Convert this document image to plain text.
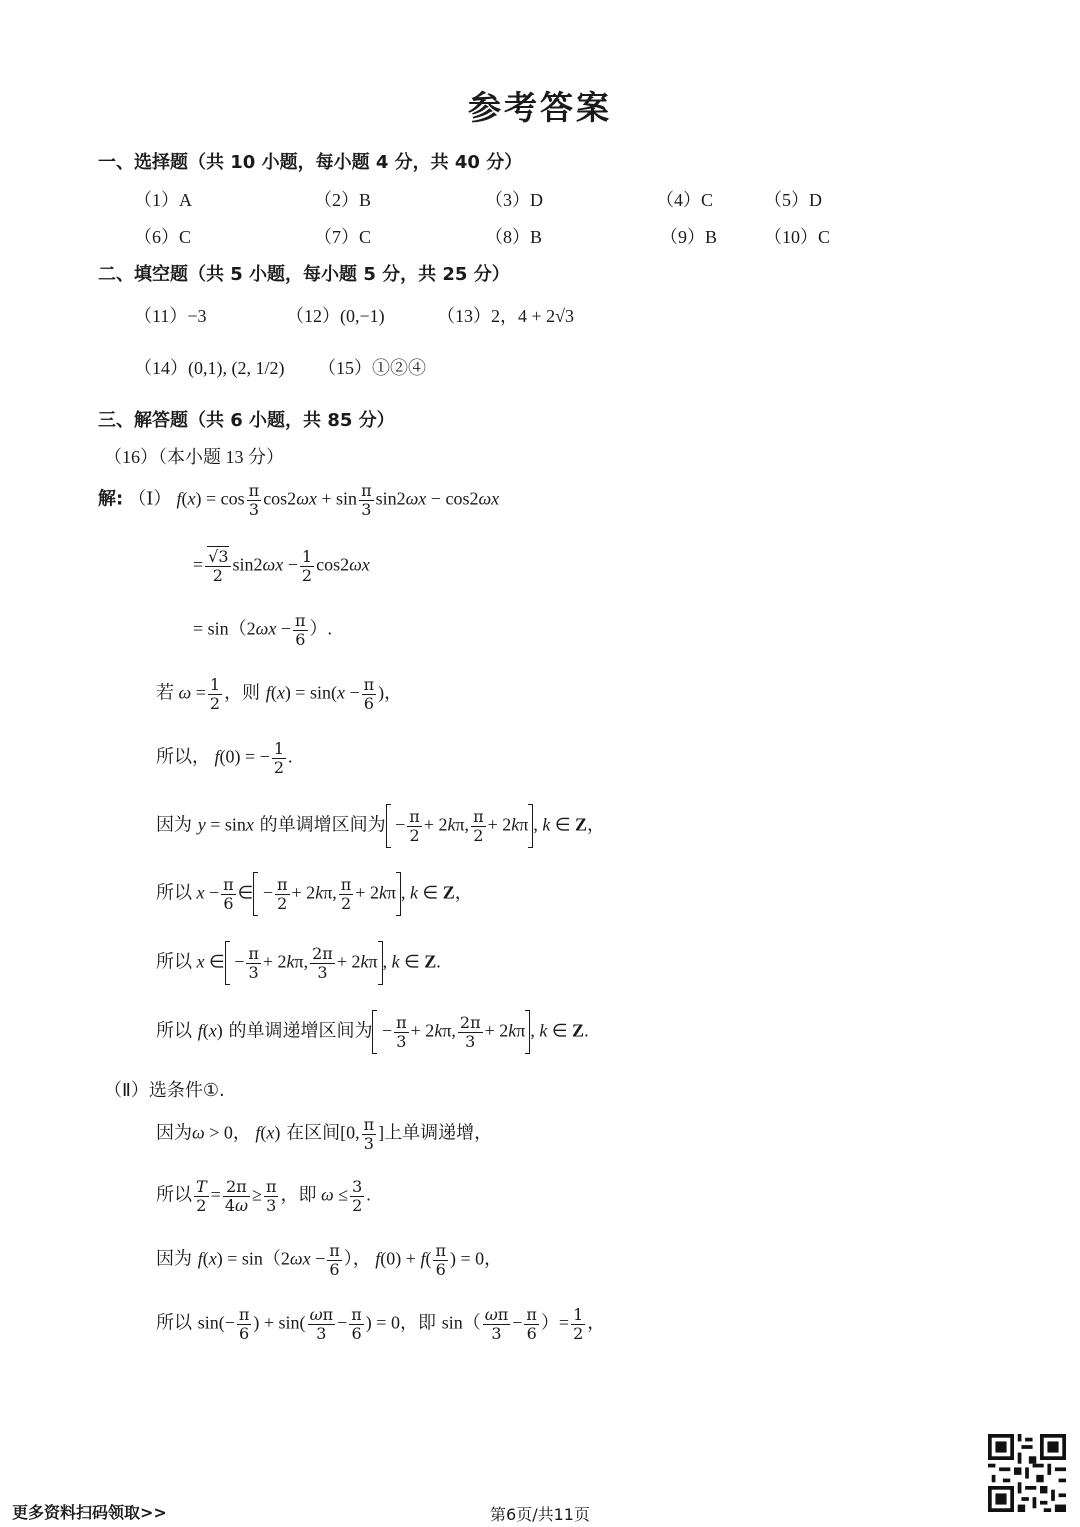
参考答案
一、选择题（共 10 小题，每小题 4 分，共 40 分）
（1）A	（2）B	（3）D	（4）C	（5）D
（6）C	（7）C	（8）B	（9）B	（10）C
二、填空题（共 5 小题，每小题 5 分，共 25 分）
（11）−3	（12）(0,−1)	（13）2，4 + 2√3
（14）(0,1), (2, 1/2) （15）①②④
三、解答题（共 6 小题，共 85 分）
（16）（本小题 13 分）
解: （Ⅰ） $f(x) = \cos \frac{\pi}{3} \cos 2\omega x + \sin \frac{\pi}{3} \sin 2\omega x - \cos 2\omega x$
= $\frac{√3}{2} \sin 2\omega x - \frac{1}{2} \cos 2\omega x$
= $\sin(2\omega x - \frac{\pi}{6}$ ）.
若 $\omega = \frac{1}{2}$ ，则 $f(x) = \sin(x - \frac{\pi}{6}$ )，
所以， f(0) = − $\frac{1}{2}$ .
因为 y = sinx 的单调增区间为 − $\frac{\pi}{2} + 2k\pi$, $\frac{\pi}{2} + 2k\pi$ , k ∈ Z，
所以 $x - \frac{\pi}{6}$ ∈ − $\frac{\pi}{2} + 2k\pi$, $\frac{\pi}{2} + 2k\pi$ , k ∈ Z，
所以 x ∈ − $\frac{\pi}{3} + 2k\pi$, $\frac{2\pi}{3} + 2k\pi$ , k ∈ Z.
所以 f(x) 的单调递增区间为 − $\frac{\pi}{3} + 2k\pi$, $\frac{2\pi}{3} + 2k\pi$ , k ∈ Z.
（Ⅱ）选条件①.
因为ω > 0， f(x) 在区间[0, $\frac{\pi}{3}$ ]上单调递增，
所以 $\frac{T}{2} = \frac{2\pi}{4\omega} \ge \frac{\pi}{3}$ ，即 $\omega \le \frac{3}{2}$ .
因为 $f(x) = \sin(2\omega x - \frac{\pi}{6}$ ）， $f(0) + f( \frac{\pi}{6}$ ) = 0，
所以 $\sin(- \frac{\pi}{6}$ ) + $\sin( \frac{\omega\pi}{3} - \frac{\pi}{6}$ ) = 0，即 $\sin( \frac{\omega\pi}{3} - \frac{\pi}{6}$ ）= $\frac{1}{2}$ ，
更多资料扫码领取>>	第6页/共11页
